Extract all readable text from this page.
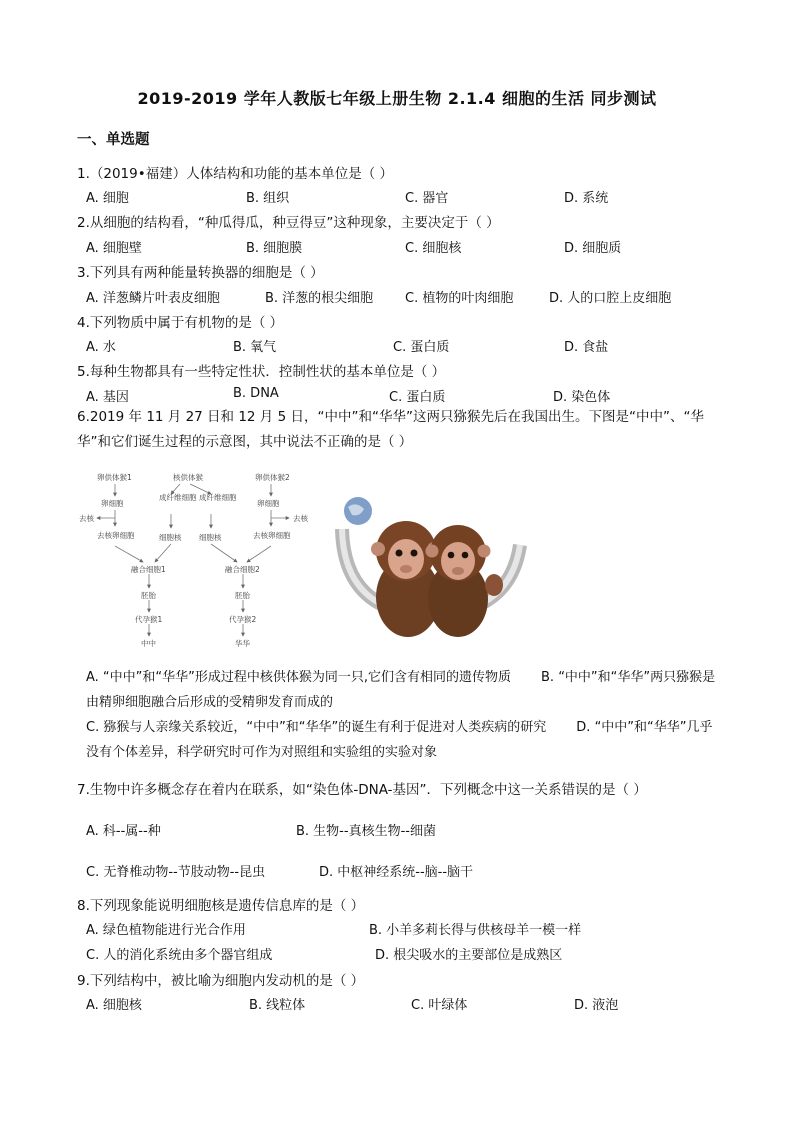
2019-2019 学年人教版七年级上册生物 2.1.4 细胞的生活 同步测试
一、单选题
1.（2019•福建）人体结构和功能的基本单位是（ ）
A. 细胞	B. 组织	C. 器官	D. 系统
2.从细胞的结构看，“种瓜得瓜，种豆得豆”这种现象，主要决定于（ ）
A. 细胞壁	B. 细胞膜	C. 细胞核	D. 细胞质
3.下列具有两种能量转换器的细胞是（ ）
A. 洋葱鳞片叶表皮细胞	B. 洋葱的根尖细胞 C. 植物的叶肉细胞	D. 人的口腔上皮细胞
4.下列物质中属于有机物的是（ ）
A. 水	B. 氧气	C. 蛋白质	D. 食盐
5.每种生物都具有一些特定性状．控制性状的基本单位是（ ）
A. 基因	B. DNA	C. 蛋白质	D. 染色体
6.2019 年 11 月 27 日和 12 月 5 日，“中中”和“华华”这两只猕猴先后在我国出生。下图是“中中”、“华华”和它们诞生过程的示意图，其中说法不正确的是（ ）
卵供体猴1	核供体猴	卵供体猴2
卵细胞	卵细胞
成纤维细胞 成纤维细胞
去核	去核
去核卵细胞	去核卵细胞
细胞核 细胞核
融合细胞1	融合细胞2
胚胎	胚胎
代孕猴1	代孕猴2
中中	华华
A. “中中”和“华华”形成过程中核供体猴为同一只,它们含有相同的遗传物质 B. “中中”和“华华”两只猕猴是由精卵细胞融合后形成的受精卵发育而成的
C. 猕猴与人亲缘关系较近，“中中”和“华华”的诞生有利于促进对人类疾病的研究 D. “中中”和“华华”几乎没有个体差异，科学研究时可作为对照组和实验组的实验对象
7.生物中许多概念存在着内在联系，如“染色体-DNA-基因”．下列概念中这一关系错误的是（ ）
A. 科--属--种	B. 生物--真核生物--细菌
C. 无脊椎动物--节肢动物--昆虫	D. 中枢神经系统--脑--脑干
8.下列现象能说明细胞核是遗传信息库的是（ ）
A. 绿色植物能进行光合作用	B. 小羊多莉长得与供核母羊一模一样
C. 人的消化系统由多个器官组成	D. 根尖吸水的主要部位是成熟区
9.下列结构中，被比喻为细胞内发动机的是（ ）
A. 细胞核	B. 线粒体	C. 叶绿体	D. 液泡
